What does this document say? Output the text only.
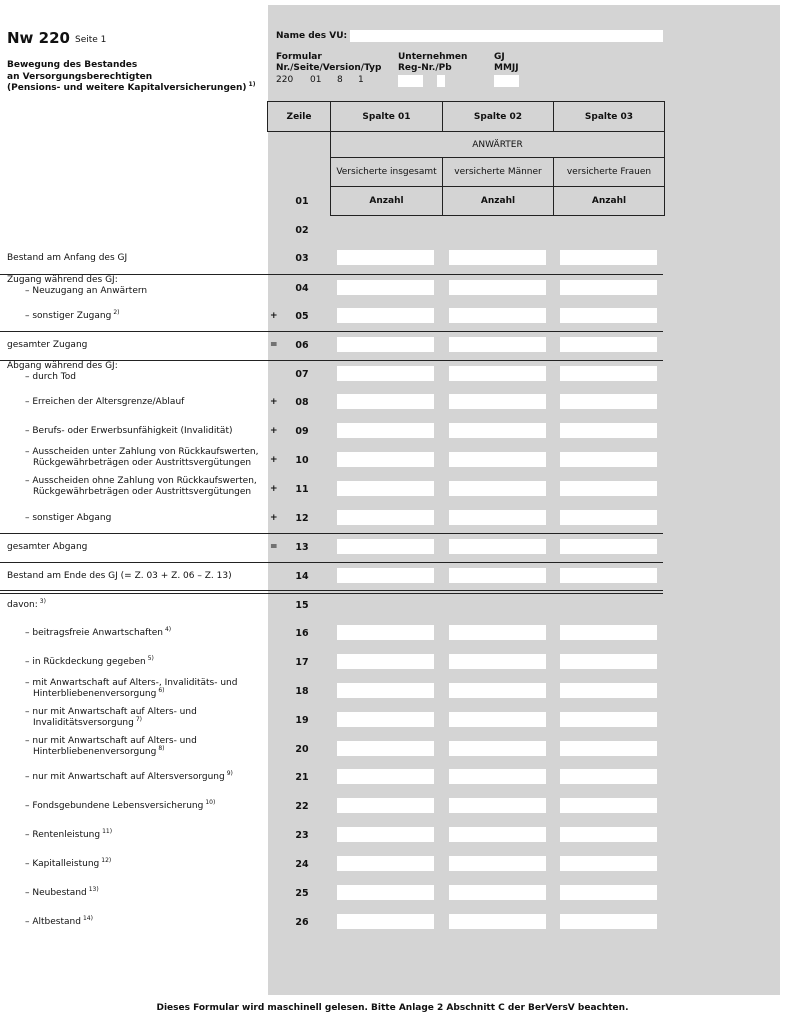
Nw 220 Seite 1
Bewegung des Bestandes
an Versorgungsberechtigten
(Pensions- und weitere Kapitalversicherungen) $^{1)}$
Name des VU:
Formular
Nr./Seite/Version/Typ
220 01 8 1
Unternehmen
Reg-Nr./Pb
GJ
MMJJ
Zeile	Spalte 01	Spalte 02	Spalte 03
ANWÄRTER
Versicherte insgesamt	versicherte Männer	versicherte Frauen
Anzahl	Anzahl	Anzahl
01
02
Bestand am Anfang des GJ	03
Zugang während des GJ:
– Neuzugang an Anwärtern	04
– sonstiger Zugang $^{2)}$	+	05
gesamter Zugang	=	06
Abgang während des GJ:
– durch Tod	07
– Erreichen der Altersgrenze/Ablauf	+	08
– Berufs- oder Erwerbsunfähigkeit (Invalidität)	+	09
– Ausscheiden unter Zahlung von Rückkaufswerten,
Rückgewährbeträgen oder Austrittsvergütungen	+	10
– Ausscheiden ohne Zahlung von Rückkaufswerten,
Rückgewährbeträgen oder Austrittsvergütungen	+	11
– sonstiger Abgang	+	12
gesamter Abgang	=	13
Bestand am Ende des GJ (= Z. 03 + Z. 06 – Z. 13)	14
davon: $^{3)}$	15
– beitragsfreie Anwartschaften $^{4)}$	16
– in Rückdeckung gegeben $^{5)}$	17
– mit Anwartschaft auf Alters-, Invaliditäts- und
Hinterbliebenenversorgung $^{6)}$	18
– nur mit Anwartschaft auf Alters- und
Invaliditätsversorgung $^{7)}$	19
– nur mit Anwartschaft auf Alters- und
Hinterbliebenenversorgung $^{8)}$	20
– nur mit Anwartschaft auf Altersversorgung $^{9)}$	21
– Fondsgebundene Lebensversicherung $^{10)}$	22
– Rentenleistung $^{11)}$	23
– Kapitalleistung $^{12)}$	24
– Neubestand $^{13)}$	25
– Altbestand $^{14)}$	26
Dieses Formular wird maschinell gelesen. Bitte Anlage 2 Abschnitt C der BerVersV beachten.
